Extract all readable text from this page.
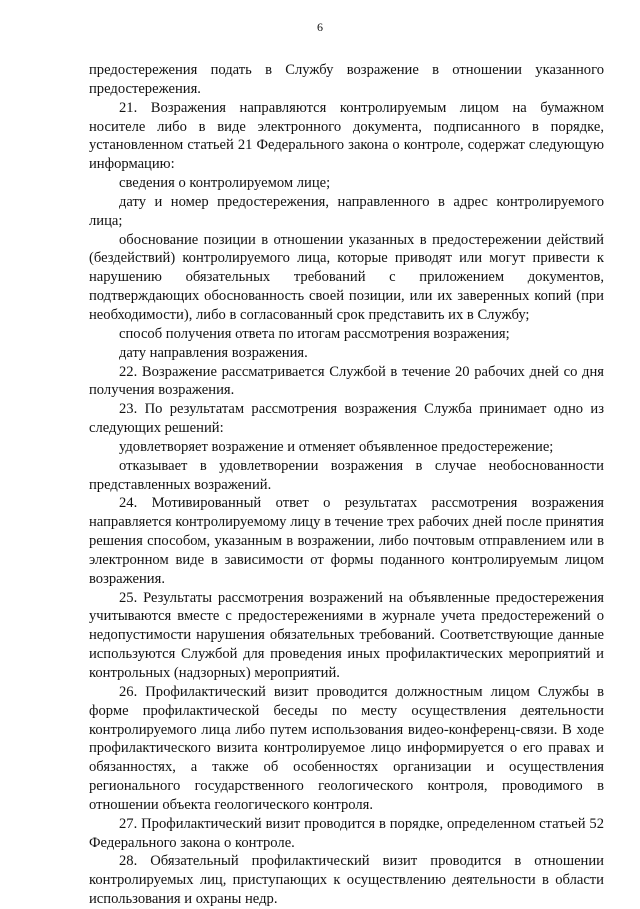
6

предостережения подать в Службу возражение в отношении указанного предостережения.

21. Возражения направляются контролируемым лицом на бумажном носителе либо в виде электронного документа, подписанного в порядке, установленном статьей 21 Федерального закона о контроле, содержат следующую информацию:

сведения о контролируемом лице;

дату и номер предостережения, направленного в адрес контролируемого лица;

обоснование позиции в отношении указанных в предостережении действий (бездействий) контролируемого лица, которые приводят или могут привести к нарушению обязательных требований с приложением документов, подтверждающих обоснованность своей позиции, или их заверенных копий (при необходимости), либо в согласованный срок представить их в Службу;

способ получения ответа по итогам рассмотрения возражения;

дату направления возражения.

22. Возражение рассматривается Службой в течение 20 рабочих дней со дня получения возражения.

23. По результатам рассмотрения возражения Служба принимает одно из следующих решений:

удовлетворяет возражение и отменяет объявленное предостережение;

отказывает в удовлетворении возражения в случае необоснованности представленных возражений.

24. Мотивированный ответ о результатах рассмотрения возражения направляется контролируемому лицу в течение трех рабочих дней после принятия решения способом, указанным в возражении, либо почтовым отправлением или в электронном виде в зависимости от формы поданного контролируемым лицом возражения.

25. Результаты рассмотрения возражений на объявленные предостережения учитываются вместе с предостережениями в журнале учета предостережений о недопустимости нарушения обязательных требований. Соответствующие данные используются Службой для проведения иных профилактических мероприятий и контрольных (надзорных) мероприятий.

26. Профилактический визит проводится должностным лицом Службы в форме профилактической беседы по месту осуществления деятельности контролируемого лица либо путем использования видео-конференц-связи. В ходе профилактического визита контролируемое лицо информируется о его правах и обязанностях, а также об особенностях организации и осуществления регионального государственного геологического контроля, проводимого в отношении объекта геологического контроля.

27. Профилактический визит проводится в порядке, определенном статьей 52 Федерального закона о контроле.

28. Обязательный профилактический визит проводится в отношении контролируемых лиц, приступающих к осуществлению деятельности в области использования и охраны недр.
